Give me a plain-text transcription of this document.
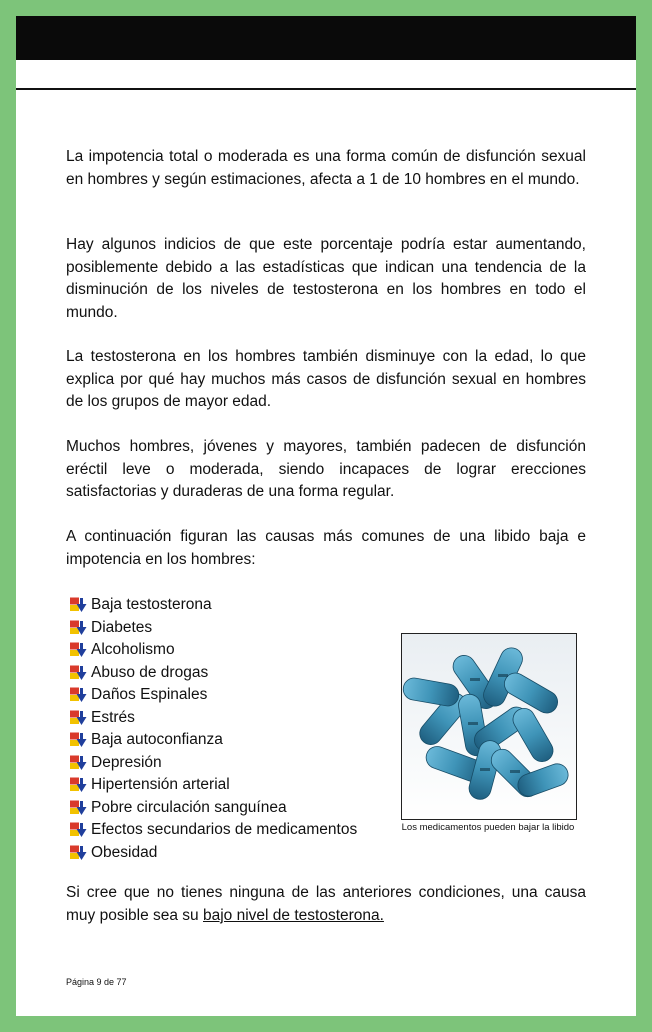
La impotencia total o moderada es una forma común de disfunción sexual en hombres y según estimaciones, afecta a 1 de 10 hombres en el mundo.

Hay algunos indicios de que este porcentaje podría estar aumentando, posiblemente debido a las estadísticas que indican una tendencia de la disminución de los niveles de testosterona en los hombres en todo el mundo.

La testosterona en los hombres también disminuye con la edad, lo que explica por qué hay muchos más casos de disfunción sexual en hombres de los grupos de mayor edad.

Muchos hombres, jóvenes y mayores, también padecen de disfunción eréctil leve o moderada, siendo incapaces de lograr erecciones satisfactorias y duraderas de una forma regular.

A continuación figuran las causas más comunes de una libido baja e impotencia en los hombres:

Baja testosterona
Diabetes
Alcoholismo
Abuso de drogas
Daños Espinales
Estrés
Baja autoconfianza
Depresión
Hipertensión arterial
Pobre circulación sanguínea
Efectos secundarios de medicamentos
Obesidad

Los medicamentos pueden bajar la libido

Si cree que no tienes ninguna de las anteriores condiciones, una causa muy posible sea su bajo nivel de testosterona.

Página 9 de 77
